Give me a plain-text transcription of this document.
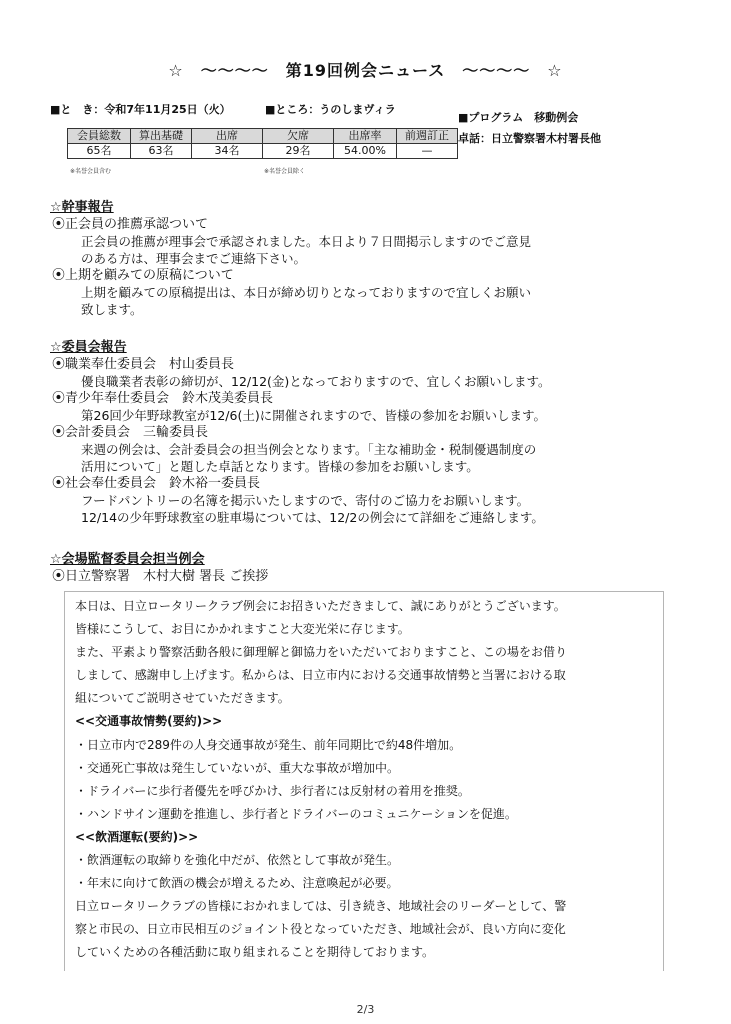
☆　～～～～　第19回例会ニュース　～～～～　☆
■と　き：令和7年11月25日（火）	■ところ：うのしまヴィラ
■プログラム　移動例会
卓話：日立警察署木村署長他
会員総数	算出基礎	出席	欠席	出席率	前週訂正
65名	63名	34名	29名	54.00%	—
※名誉会員含む	※名誉会員除く
☆幹事報告
⦿正会員の推薦承認ついて
正会員の推薦が理事会で承認されました。本日より７日間掲示しますのでご意見
のある方は、理事会までご連絡下さい。
⦿上期を顧みての原稿について
上期を顧みての原稿提出は、本日が締め切りとなっておりますので宜しくお願い
致します。
☆委員会報告
⦿職業奉仕委員会　村山委員長
優良職業者表彰の締切が、12/12(金)となっておりますので、宜しくお願いします。
⦿青少年奉仕委員会　鈴木茂美委員長
第26回少年野球教室が12/6(土)に開催されますので、皆様の参加をお願いします。
⦿会計委員会　三輪委員長
来週の例会は、会計委員会の担当例会となります。「主な補助金・税制優遇制度の
活用について」と題した卓話となります。皆様の参加をお願いします。
⦿社会奉仕委員会　鈴木裕一委員長
フードパントリーの名簿を掲示いたしますので、寄付のご協力をお願いします。
12/14の少年野球教室の駐車場については、12/2の例会にて詳細をご連絡します。
☆会場監督委員会担当例会
⦿日立警察署　木村大樹 署長 ご挨拶
本日は、日立ロータリークラブ例会にお招きいただきまして、誠にありがとうございます。
皆様にこうして、お目にかかれますこと大変光栄に存じます。
また、平素より警察活動各般に御理解と御協力をいただいておりますこと、この場をお借り
しまして、感謝申し上げます。私からは、日立市内における交通事故情勢と当署における取
組についてご説明させていただきます。
<<交通事故情勢(要約)>>
・日立市内で289件の人身交通事故が発生、前年同期比で約48件増加。
・交通死亡事故は発生していないが、重大な事故が増加中。
・ドライバーに歩行者優先を呼びかけ、歩行者には反射材の着用を推奨。
・ハンドサイン運動を推進し、歩行者とドライバーのコミュニケーションを促進。
<<飲酒運転(要約)>>
・飲酒運転の取締りを強化中だが、依然として事故が発生。
・年末に向けて飲酒の機会が増えるため、注意喚起が必要。
日立ロータリークラブの皆様におかれましては、引き続き、地域社会のリーダーとして、警
察と市民の、日立市民相互のジョイント役となっていただき、地域社会が、良い方向に変化
していくための各種活動に取り組まれることを期待しております。
2/3
